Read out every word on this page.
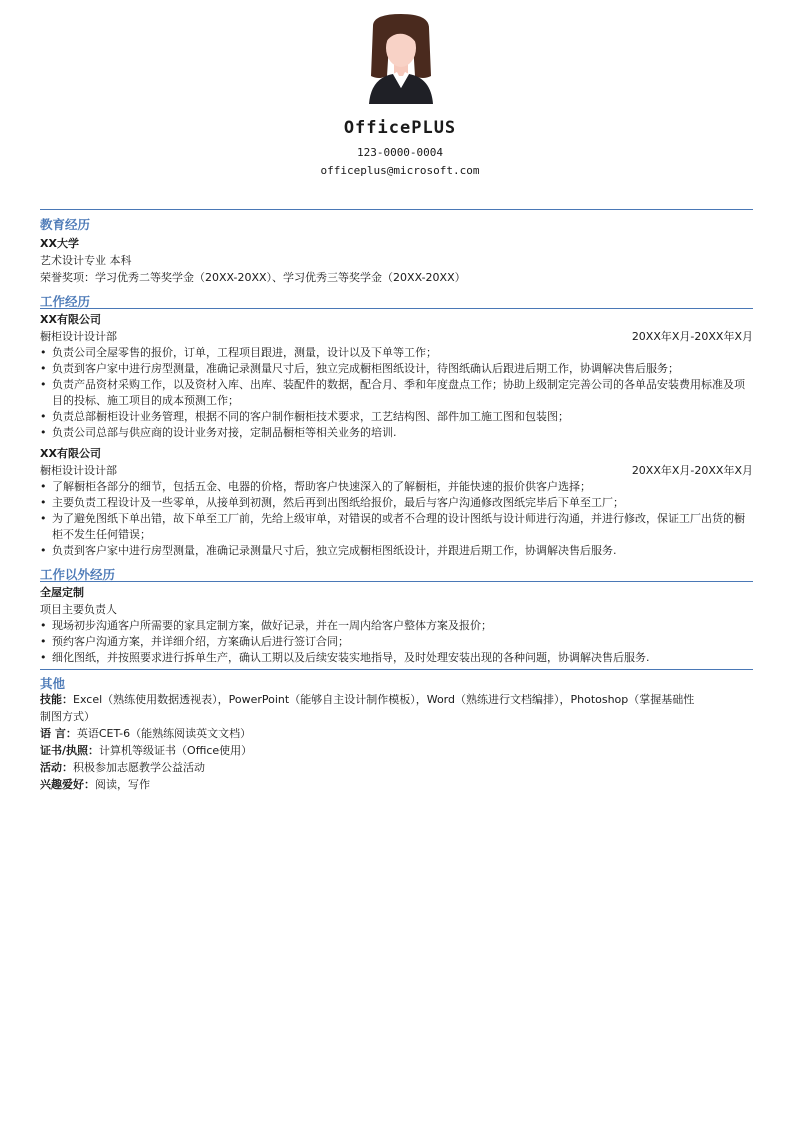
OfficePLUS
123-0000-0004
officeplus@microsoft.com
教育经历
XX大学
艺术设计专业 本科
荣誉奖项：学习优秀二等奖学金（20XX-20XX）、学习优秀三等奖学金（20XX-20XX）
工作经历
XX有限公司
橱柜设计设计部	20XX年X月-20XX年X月
• 负责公司全屋零售的报价，订单，工程项目跟进，测量，设计以及下单等工作；
• 负责到客户家中进行房型测量，准确记录测量尺寸后，独立完成橱柜图纸设计，待图纸确认后跟进后期工作，协调解决售后服务；
• 负责产品资材采购工作，以及资材入库、出库、装配件的数据，配合月、季和年度盘点工作；协助上级制定完善公司的各单品安装费用标准及项目的投标、施工项目的成本预测工作；
• 负责总部橱柜设计业务管理，根据不同的客户制作橱柜技术要求，工艺结构图、部件加工施工图和包装图；
• 负责公司总部与供应商的设计业务对接，定制品橱柜等相关业务的培训.
XX有限公司
橱柜设计设计部	20XX年X月-20XX年X月
• 了解橱柜各部分的细节，包括五金、电器的价格，帮助客户快速深入的了解橱柜，并能快速的报价供客户选择；
• 主要负责工程设计及一些零单，从接单到初测，然后再到出图纸给报价，最后与客户沟通修改图纸完毕后下单至工厂；
• 为了避免图纸下单出错，故下单至工厂前，先给上级审单，对错误的或者不合理的设计图纸与设计师进行沟通，并进行修改，保证工厂出货的橱柜不发生任何错误；
• 负责到客户家中进行房型测量，准确记录测量尺寸后，独立完成橱柜图纸设计，并跟进后期工作，协调解决售后服务.
工作以外经历
全屋定制
项目主要负责人
• 现场初步沟通客户所需要的家具定制方案，做好记录，并在一周内给客户整体方案及报价；
• 预约客户沟通方案，并详细介绍，方案确认后进行签订合同；
• 细化图纸，并按照要求进行拆单生产，确认工期以及后续安装实地指导，及时处理安装出现的各种问题，协调解决售后服务.
其他
技能：Excel（熟练使用数据透视表），PowerPoint（能够自主设计制作模板），Word（熟练进行文档编排），Photoshop（掌握基础性
制图方式）
语 言：英语CET-6（能熟练阅读英文文档）
证书/执照：计算机等级证书（Office使用）
活动：积极参加志愿教学公益活动
兴趣爱好：阅读，写作
